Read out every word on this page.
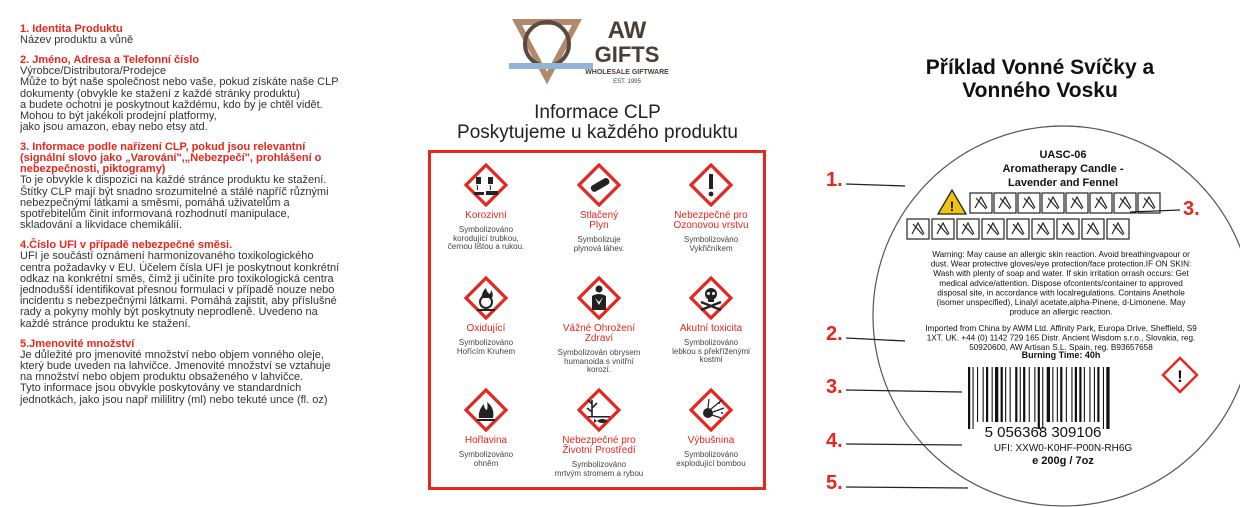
1. Identita Produktu
Název produktu a vůně
2. Jméno, Adresa a Telefonní číslo
Výrobce/Distributora/Prodejce
Může to být naše společnost nebo vaše, pokud získáte naše CLP
dokumenty (obvykle ke stažení z každé stránky produktu)
a budete ochotni je poskytnout každému, kdo by je chtěl vidět.
Mohou to být jakékoli prodejní platformy,
jako jsou amazon, ebay nebo etsy atd.
3. Informace podle nařízení CLP, pokud jsou relevantní
(signální slovo jako „Varování",„Nebezpečí", prohlášení o
nebezpečnosti, piktogramy)
To je obvykle k dispozici na každé stránce produktu ke stažení.
Štítky CLP mají být snadno srozumitelné a stálé napříč různými
nebezpečnými látkami a směsmi, pomáhá uživatelům a
spotřebitelům činit informovaná rozhodnutí manipulace,
skladování a likvidace chemikálií.
4.Číslo UFI v případě nebezpečné směsi.
UFI je součástí oznámení harmonizovaného toxikologického
centra požadavky v EU. Účelem čísla UFI je poskytnout konkrétní
odkaz na konkrétní směs, čímž ji učiníte pro toxikologická centra
jednodušší identifikovat přesnou formulaci v případě nouze nebo
incidentu s nebezpečnými látkami. Pomáhá zajistit, aby příslušné
rady a pokyny mohly být poskytnuty neprodleně. Uvedeno na
každé stránce produktu ke stažení.
5.Jmenovité množství
Je důležité pro jmenovité množství nebo objem vonného oleje,
který bude uveden na lahvičce. Jmenovité množství se vztahuje
na množství nebo objem produktu obsaženého v lahvičce.
Tyto informace jsou obvykle poskytovány ve standardních
jednotkách, jako jsou např mililitry (ml) nebo tekuté unce (fl. oz)
AW
GIFTS
WHOLESALE GIFTWARE
EST. 1995
Informace CLP
Poskytujeme u každého produktu
Korozivní
Symbolizováno
korodující trubkou,
černou lištou a rukou.
Stlačený
Plyn
Symbolizuje
plynová láhev.
Nebezpečné pro
Ozonovou vrstvu
Symbolizováno
Vykřičníkem
Oxidující
Symbolizováno
Hořícím Kruhem
Vážné Ohrožení
Zdraví
Symbolizován obrysem
humanoida s vnitřní
korozí.
Akutní toxicita
Symbolizováno
lebkou s překříženými
kostmi
Hořlavina
Symbolizováno
ohněm
Nebezpečné pro
Životní Prostředí
Symbolizováno
mrtvým stromem a rybou
Výbušnina
Symbolizováno
explodující bombou
Příklad Vonné Svíčky a
Vonného Vosku
UASC-06
Aromatherapy Candle -
Lavender and Fennel
!
Warning: May cause an allergic skin reaction. Avoid breathingvapour or
dust. Wear protective gloves/eye protection/face protection.IF ON SKIN:
Wash with plenty of soap and water. If skin irritation orrash occurs: Get
medical advice/attention. Dispose ofcontents/container to approved
disposal site, in accordance with localregulations. Contains Anethole
(isomer unspecified), Linalyl acetate,alpha-Pinene, d-Limonene. May
produce an allergic reaction.
Imported from China by AWM Ltd. Affinity Park, Europa Drive, Sheffield, S9
1XT. UK. +44 (0) 1142 729 165 Distr. Ancient Wisdom s.r.o., Slovakia, reg.
50920600, AW Artisan S.L. Spain, reg. B93657658
Burning Time: 40h
5 056368 309106
UFI: XXW0-K0HF-P00N-RH6G
e 200g / 7oz
!
1.
2.
3.
3.
4.
5.
